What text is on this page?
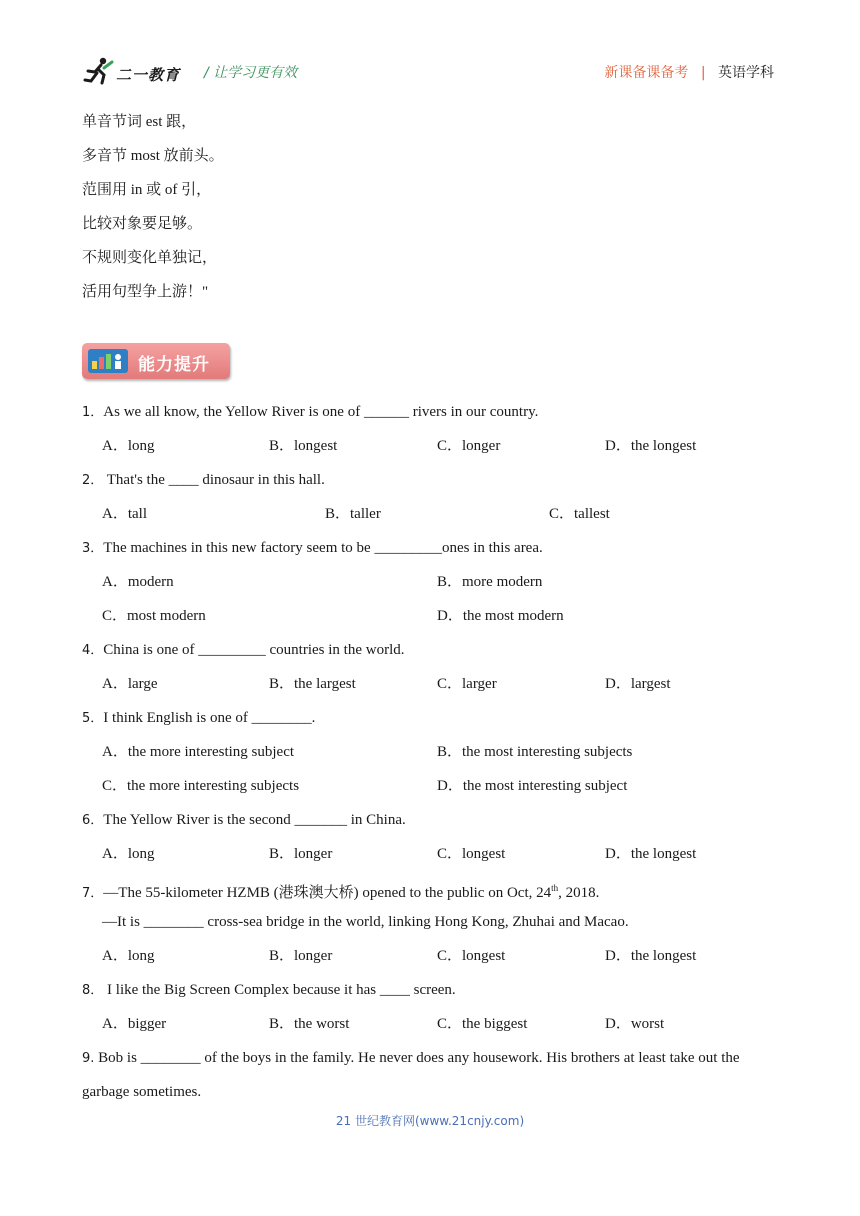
二一教育 / 让学习更有效	新课备课备考 | 英语学科
单音节词 est 跟，
多音节 most 放前头。
范围用 in 或 of 引，
比较对象要足够。
不规则变化单独记，
活用句型争上游！"
能力提升
1．As we all know, the Yellow River is one of ______ rivers in our country.
A．long	B．longest	C．longer	D．the longest
2． That's the ____ dinosaur in this hall.
A．tall	B．taller	C．tallest
3．The machines in this new factory seem to be _________ones in this area.
A．modern	B．more modern
C．most modern	D．the most modern
4．China is one of _________ countries in the world.
A．large	B．the largest	C．larger	D．largest
5．I think English is one of ________.
A．the more interesting subject	B．the most interesting subjects
C．the more interesting subjects	D．the most interesting subject
6．The Yellow River is the second _______ in China.
A．long	B．longer	C．longest	D．the longest
7．—The 55-kilometer HZMB (港珠澳大桥) opened to the public on Oct, 24th, 2018.
—It is ________ cross-sea bridge in the world, linking Hong Kong, Zhuhai and Macao.
A．long	B．longer	C．longest	D．the longest
8． I like the Big Screen Complex because it has ____ screen.
A．bigger	B．the worst	C．the biggest	D．worst
9. Bob is ________ of the boys in the family. He never does any housework. His brothers at least take out the
garbage sometimes.
21 世纪教育网(www.21cnjy.com)
